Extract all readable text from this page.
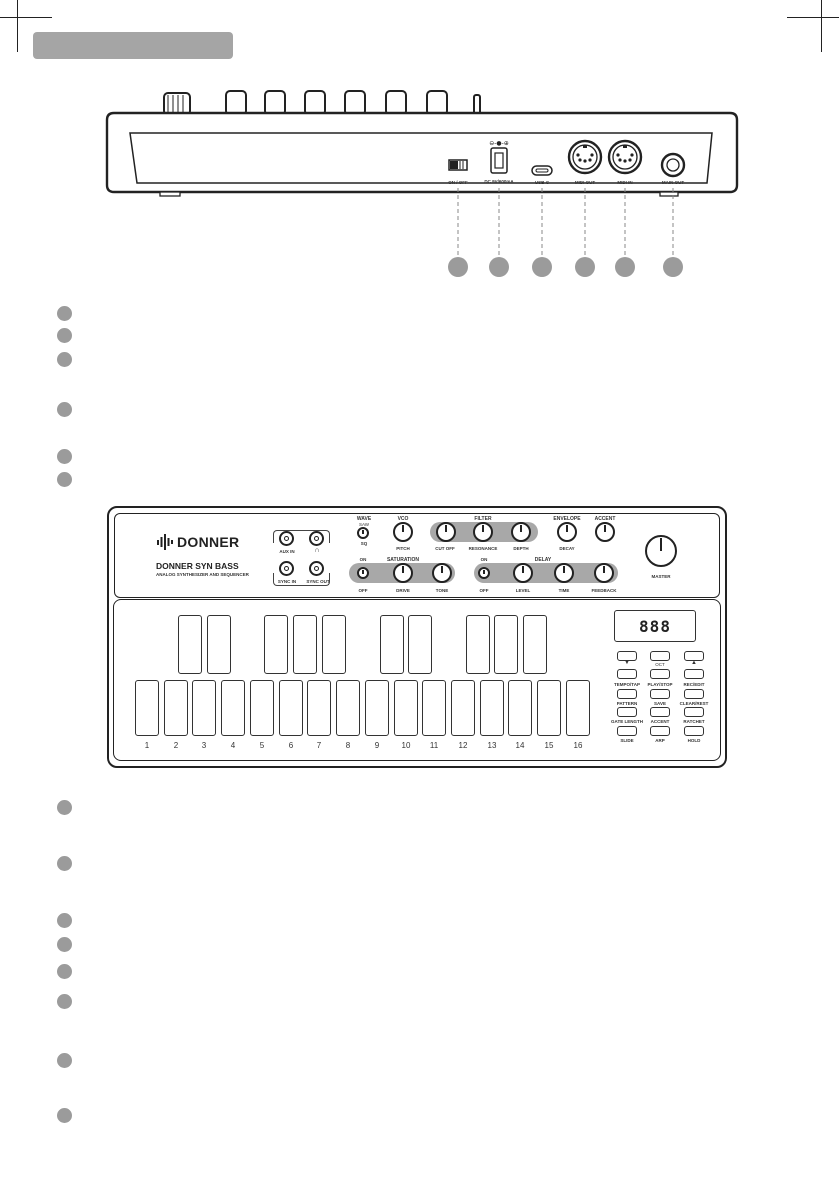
⊖-●-⊕
ON / OFF	DC 9V/600mA	USB-C	MIDI OUT	MIDI IN	MAIN OUT
DONNER
DONNER SYN BASS
ANALOG SYNTHESIZER AND SEQUENCER
AUX IN	∩
SYNC IN	SYNC OUT
WAVE
SAW
SQ
VCO
PITCH
FILTER
CUT OFF	RESONANCE	DEPTH
ENVELOPE
DECAY
ACCENT
MASTER
ON	SATURATION
OFF	DRIVE	TONE
ON	DELAY
OFF	LEVEL	TIME	FEEDBACK
1	2	3	4	5	6	7	8	9	10	11	12	13	14	15	16
888
▼	OCT	▲
TEMPO/TAP	PLAY/STOP	REC/EDIT
PATTERN	SAVE	CLEAR/REST
GATE LENGTH	ACCENT	RATCHET
SLIDE	ARP	HOLD
